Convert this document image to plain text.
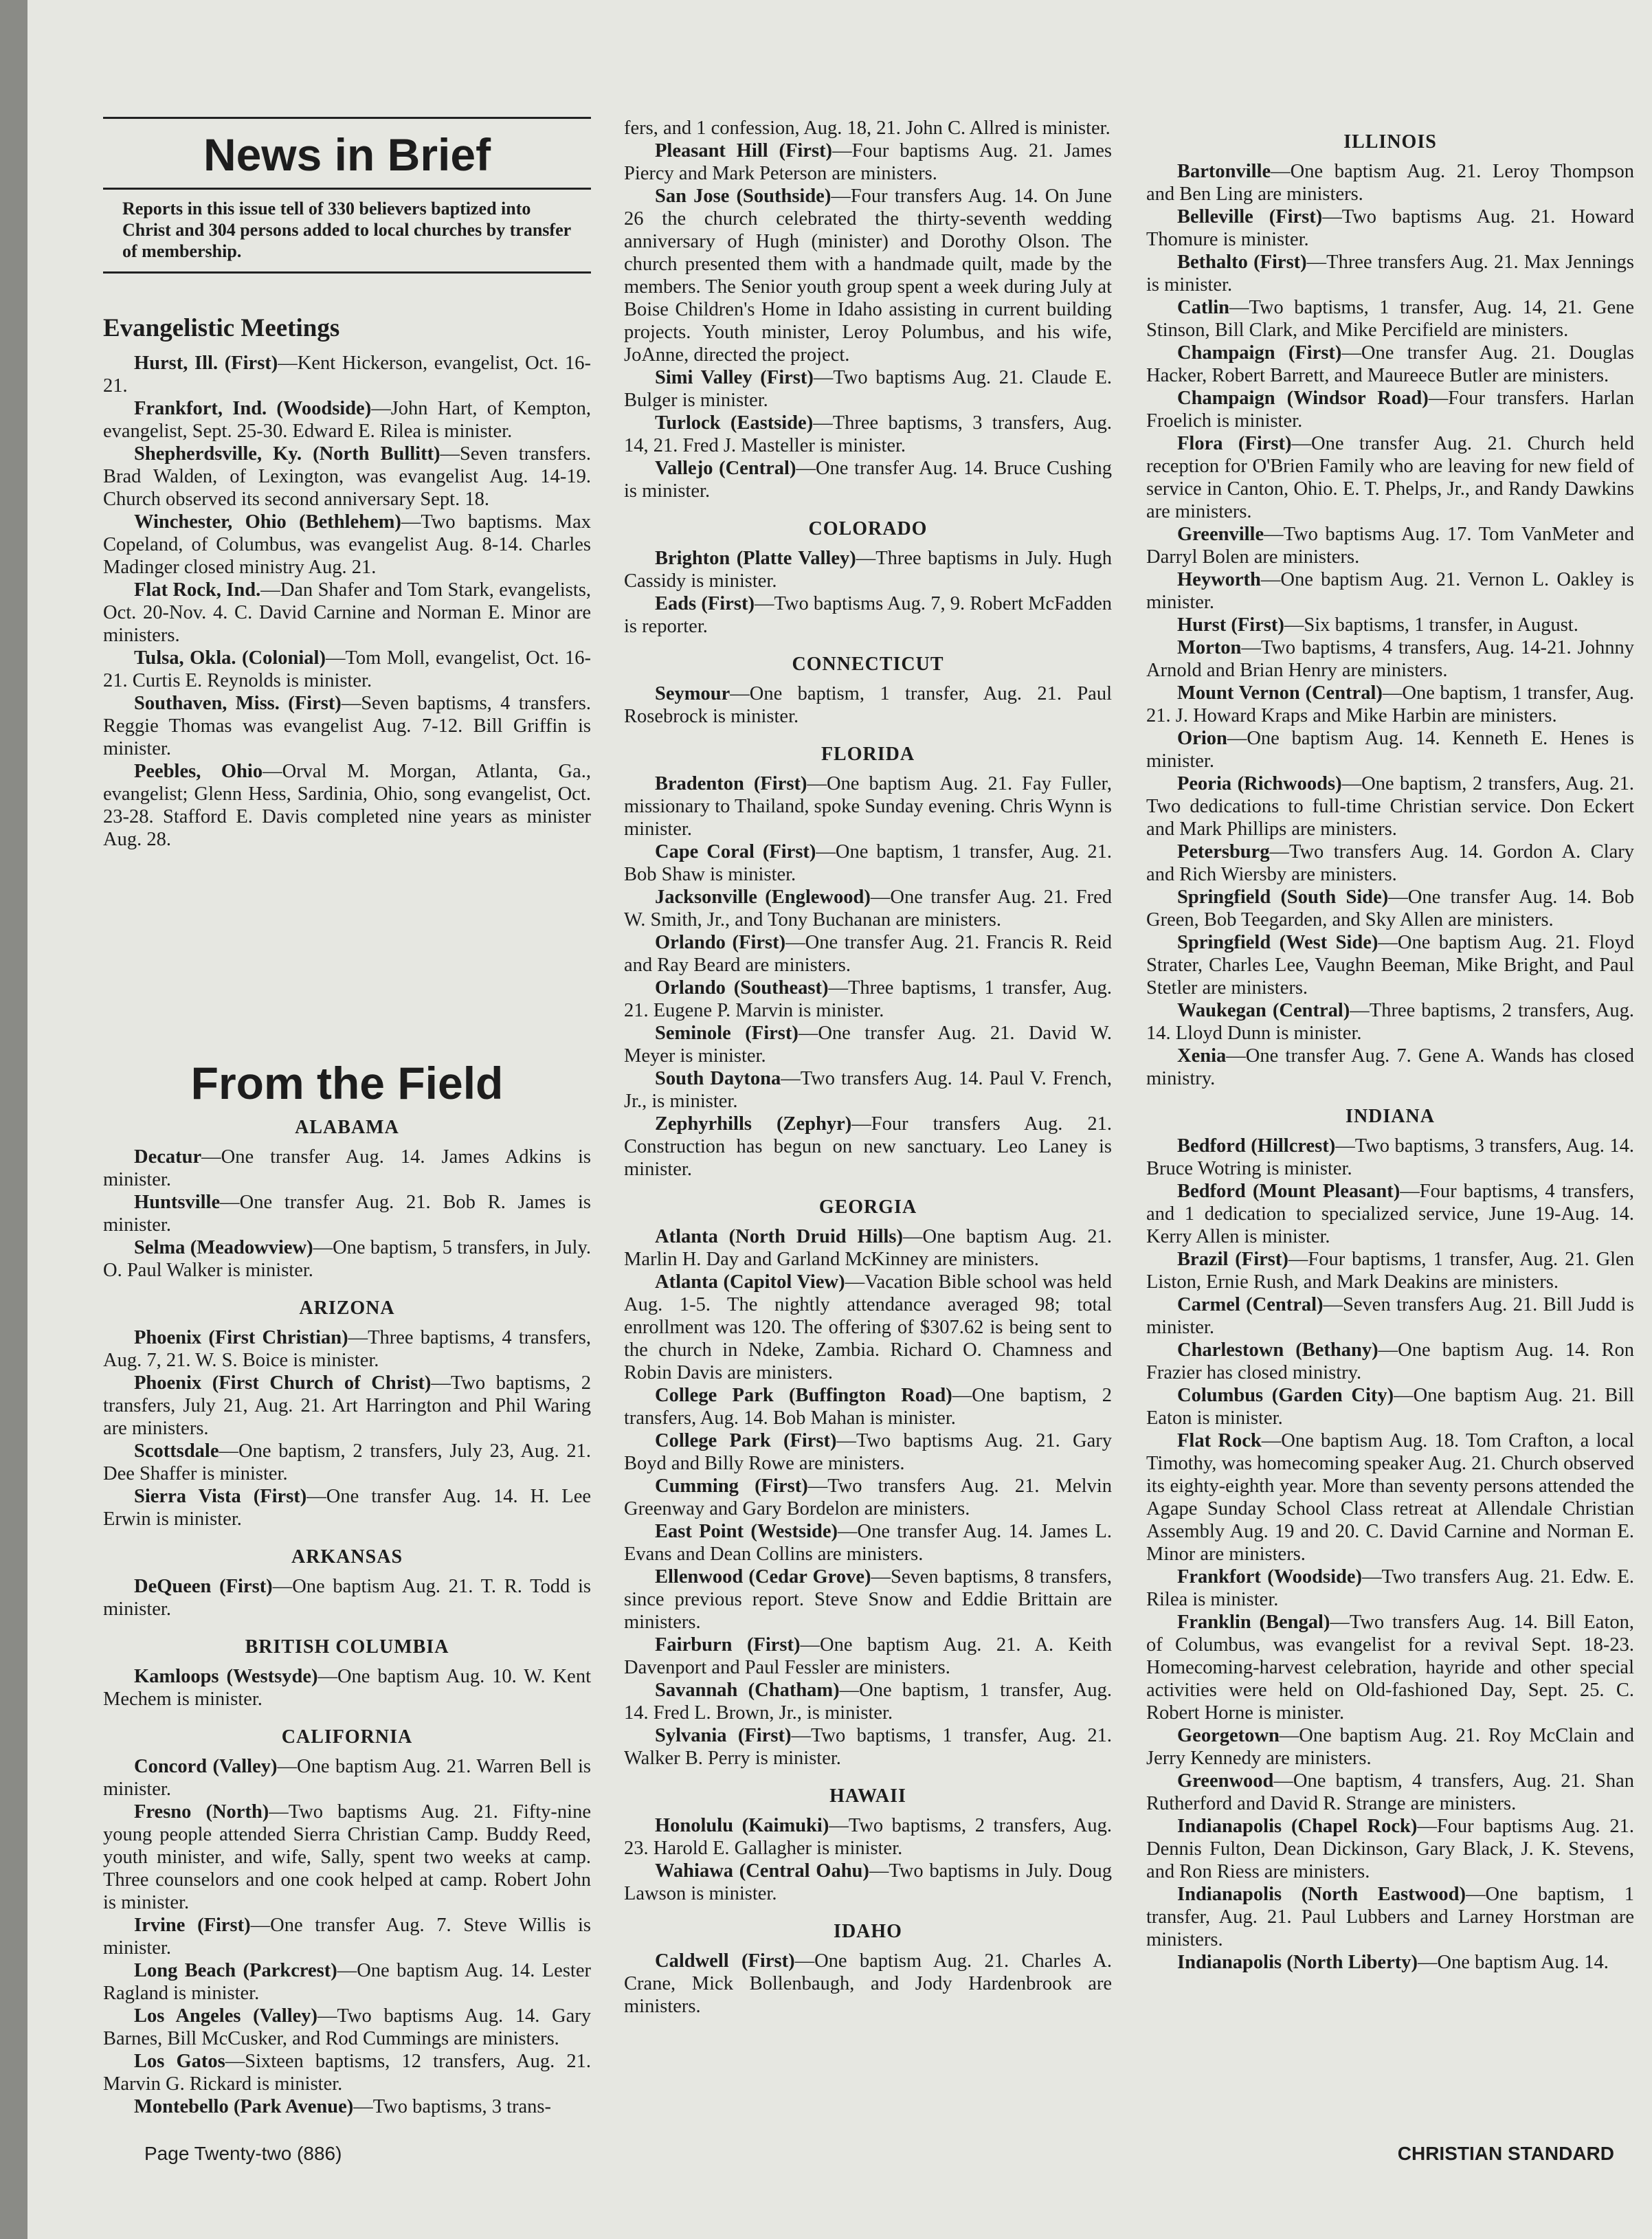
News in Brief
Reports in this issue tell of 330 believers baptized into Christ and 304 persons added to local churches by transfer of membership.
Evangelistic Meetings

Hurst, Ill. (First)—Kent Hickerson, evangelist, Oct. 16-21.

Frankfort, Ind. (Woodside)—John Hart, of Kempton, evangelist, Sept. 25-30. Edward E. Rilea is minister.

Shepherdsville, Ky. (North Bullitt)—Seven transfers. Brad Walden, of Lexington, was evangelist Aug. 14-19. Church observed its second anniversary Sept. 18.

Winchester, Ohio (Bethlehem)—Two baptisms. Max Copeland, of Columbus, was evangelist Aug. 8-14. Charles Madinger closed ministry Aug. 21.

Flat Rock, Ind.—Dan Shafer and Tom Stark, evangelists, Oct. 20-Nov. 4. C. David Carnine and Norman E. Minor are ministers.

Tulsa, Okla. (Colonial)—Tom Moll, evangelist, Oct. 16-21. Curtis E. Reynolds is minister.

Southaven, Miss. (First)—Seven baptisms, 4 transfers. Reggie Thomas was evangelist Aug. 7-12. Bill Griffin is minister.

Peebles, Ohio—Orval M. Morgan, Atlanta, Ga., evangelist; Glenn Hess, Sardinia, Ohio, song evangelist, Oct. 23-28. Stafford E. Davis completed nine years as minister Aug. 28.

From the Field
ALABAMA

Decatur—One transfer Aug. 14. James Adkins is minister.

Huntsville—One transfer Aug. 21. Bob R. James is minister.

Selma (Meadowview)—One baptism, 5 transfers, in July. O. Paul Walker is minister.

ARIZONA

Phoenix (First Christian)—Three baptisms, 4 transfers, Aug. 7, 21. W. S. Boice is minister.

Phoenix (First Church of Christ)—Two baptisms, 2 transfers, July 21, Aug. 21. Art Harrington and Phil Waring are ministers.

Scottsdale—One baptism, 2 transfers, July 23, Aug. 21. Dee Shaffer is minister.

Sierra Vista (First)—One transfer Aug. 14. H. Lee Erwin is minister.

ARKANSAS

DeQueen (First)—One baptism Aug. 21. T. R. Todd is minister.

BRITISH COLUMBIA

Kamloops (Westsyde)—One baptism Aug. 10. W. Kent Mechem is minister.

CALIFORNIA

Concord (Valley)—One baptism Aug. 21. Warren Bell is minister.

Fresno (North)—Two baptisms Aug. 21. Fifty-nine young people attended Sierra Christian Camp. Buddy Reed, youth minister, and wife, Sally, spent two weeks at camp. Three counselors and one cook helped at camp. Robert John is minister.

Irvine (First)—One transfer Aug. 7. Steve Willis is minister.

Long Beach (Parkcrest)—One baptism Aug. 14. Lester Ragland is minister.

Los Angeles (Valley)—Two baptisms Aug. 14. Gary Barnes, Bill McCusker, and Rod Cummings are ministers.

Los Gatos—Sixteen baptisms, 12 transfers, Aug. 21. Marvin G. Rickard is minister.

Montebello (Park Avenue)—Two baptisms, 3 trans-

fers, and 1 confession, Aug. 18, 21. John C. Allred is minister.

Pleasant Hill (First)—Four baptisms Aug. 21. James Piercy and Mark Peterson are ministers.

San Jose (Southside)—Four transfers Aug. 14. On June 26 the church celebrated the thirty-seventh wedding anniversary of Hugh (minister) and Dorothy Olson. The church presented them with a handmade quilt, made by the members. The Senior youth group spent a week during July at Boise Children's Home in Idaho assisting in current building projects. Youth minister, Leroy Polumbus, and his wife, JoAnne, directed the project.

Simi Valley (First)—Two baptisms Aug. 21. Claude E. Bulger is minister.

Turlock (Eastside)—Three baptisms, 3 transfers, Aug. 14, 21. Fred J. Masteller is minister.

Vallejo (Central)—One transfer Aug. 14. Bruce Cushing is minister.

COLORADO

Brighton (Platte Valley)—Three baptisms in July. Hugh Cassidy is minister.

Eads (First)—Two baptisms Aug. 7, 9. Robert McFadden is reporter.

CONNECTICUT

Seymour—One baptism, 1 transfer, Aug. 21. Paul Rosebrock is minister.

FLORIDA

Bradenton (First)—One baptism Aug. 21. Fay Fuller, missionary to Thailand, spoke Sunday evening. Chris Wynn is minister.

Cape Coral (First)—One baptism, 1 transfer, Aug. 21. Bob Shaw is minister.

Jacksonville (Englewood)—One transfer Aug. 21. Fred W. Smith, Jr., and Tony Buchanan are ministers.

Orlando (First)—One transfer Aug. 21. Francis R. Reid and Ray Beard are ministers.

Orlando (Southeast)—Three baptisms, 1 transfer, Aug. 21. Eugene P. Marvin is minister.

Seminole (First)—One transfer Aug. 21. David W. Meyer is minister.

South Daytona—Two transfers Aug. 14. Paul V. French, Jr., is minister.

Zephyrhills (Zephyr)—Four transfers Aug. 21. Construction has begun on new sanctuary. Leo Laney is minister.

GEORGIA

Atlanta (North Druid Hills)—One baptism Aug. 21. Marlin H. Day and Garland McKinney are ministers.

Atlanta (Capitol View)—Vacation Bible school was held Aug. 1-5. The nightly attendance averaged 98; total enrollment was 120. The offering of $307.62 is being sent to the church in Ndeke, Zambia. Richard O. Chamness and Robin Davis are ministers.

College Park (Buffington Road)—One baptism, 2 transfers, Aug. 14. Bob Mahan is minister.

College Park (First)—Two baptisms Aug. 21. Gary Boyd and Billy Rowe are ministers.

Cumming (First)—Two transfers Aug. 21. Melvin Greenway and Gary Bordelon are ministers.

East Point (Westside)—One transfer Aug. 14. James L. Evans and Dean Collins are ministers.

Ellenwood (Cedar Grove)—Seven baptisms, 8 transfers, since previous report. Steve Snow and Eddie Brittain are ministers.

Fairburn (First)—One baptism Aug. 21. A. Keith Davenport and Paul Fessler are ministers.

Savannah (Chatham)—One baptism, 1 transfer, Aug. 14. Fred L. Brown, Jr., is minister.

Sylvania (First)—Two baptisms, 1 transfer, Aug. 21. Walker B. Perry is minister.

HAWAII

Honolulu (Kaimuki)—Two baptisms, 2 transfers, Aug. 23. Harold E. Gallagher is minister.

Wahiawa (Central Oahu)—Two baptisms in July. Doug Lawson is minister.

IDAHO

Caldwell (First)—One baptism Aug. 21. Charles A. Crane, Mick Bollenbaugh, and Jody Hardenbrook are ministers.

ILLINOIS

Bartonville—One baptism Aug. 21. Leroy Thompson and Ben Ling are ministers.

Belleville (First)—Two baptisms Aug. 21. Howard Thomure is minister.

Bethalto (First)—Three transfers Aug. 21. Max Jennings is minister.

Catlin—Two baptisms, 1 transfer, Aug. 14, 21. Gene Stinson, Bill Clark, and Mike Percifield are ministers.

Champaign (First)—One transfer Aug. 21. Douglas Hacker, Robert Barrett, and Maureece Butler are ministers.

Champaign (Windsor Road)—Four transfers. Harlan Froelich is minister.

Flora (First)—One transfer Aug. 21. Church held reception for O'Brien Family who are leaving for new field of service in Canton, Ohio. E. T. Phelps, Jr., and Randy Dawkins are ministers.

Greenville—Two baptisms Aug. 17. Tom VanMeter and Darryl Bolen are ministers.

Heyworth—One baptism Aug. 21. Vernon L. Oakley is minister.

Hurst (First)—Six baptisms, 1 transfer, in August.

Morton—Two baptisms, 4 transfers, Aug. 14-21. Johnny Arnold and Brian Henry are ministers.

Mount Vernon (Central)—One baptism, 1 transfer, Aug. 21. J. Howard Kraps and Mike Harbin are ministers.

Orion—One baptism Aug. 14. Kenneth E. Henes is minister.

Peoria (Richwoods)—One baptism, 2 transfers, Aug. 21. Two dedications to full-time Christian service. Don Eckert and Mark Phillips are ministers.

Petersburg—Two transfers Aug. 14. Gordon A. Clary and Rich Wiersby are ministers.

Springfield (South Side)—One transfer Aug. 14. Bob Green, Bob Teegarden, and Sky Allen are ministers.

Springfield (West Side)—One baptism Aug. 21. Floyd Strater, Charles Lee, Vaughn Beeman, Mike Bright, and Paul Stetler are ministers.

Waukegan (Central)—Three baptisms, 2 transfers, Aug. 14. Lloyd Dunn is minister.

Xenia—One transfer Aug. 7. Gene A. Wands has closed ministry.

INDIANA

Bedford (Hillcrest)—Two baptisms, 3 transfers, Aug. 14. Bruce Wotring is minister.

Bedford (Mount Pleasant)—Four baptisms, 4 transfers, and 1 dedication to specialized service, June 19-Aug. 14. Kerry Allen is minister.

Brazil (First)—Four baptisms, 1 transfer, Aug. 21. Glen Liston, Ernie Rush, and Mark Deakins are ministers.

Carmel (Central)—Seven transfers Aug. 21. Bill Judd is minister.

Charlestown (Bethany)—One baptism Aug. 14. Ron Frazier has closed ministry.

Columbus (Garden City)—One baptism Aug. 21. Bill Eaton is minister.

Flat Rock—One baptism Aug. 18. Tom Crafton, a local Timothy, was homecoming speaker Aug. 21. Church observed its eighty-eighth year. More than seventy persons attended the Agape Sunday School Class retreat at Allendale Christian Assembly Aug. 19 and 20. C. David Carnine and Norman E. Minor are ministers.

Frankfort (Woodside)—Two transfers Aug. 21. Edw. E. Rilea is minister.

Franklin (Bengal)—Two transfers Aug. 14. Bill Eaton, of Columbus, was evangelist for a revival Sept. 18-23. Homecoming-harvest celebration, hayride and other special activities were held on Old-fashioned Day, Sept. 25. C. Robert Horne is minister.

Georgetown—One baptism Aug. 21. Roy McClain and Jerry Kennedy are ministers.

Greenwood—One baptism, 4 transfers, Aug. 21. Shan Rutherford and David R. Strange are ministers.

Indianapolis (Chapel Rock)—Four baptisms Aug. 21. Dennis Fulton, Dean Dickinson, Gary Black, J. K. Stevens, and Ron Riess are ministers.

Indianapolis (North Eastwood)—One baptism, 1 transfer, Aug. 21. Paul Lubbers and Larney Horstman are ministers.

Indianapolis (North Liberty)—One baptism Aug. 14.

Page Twenty-two (886)	CHRISTIAN STANDARD
